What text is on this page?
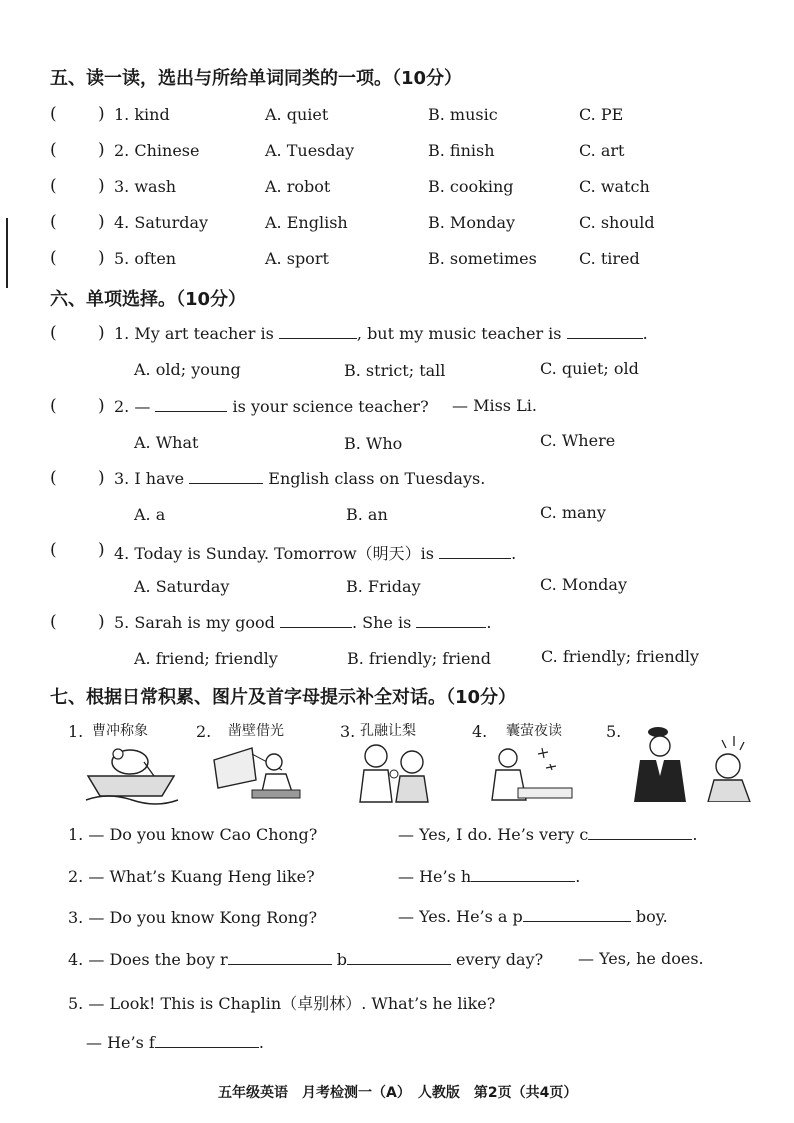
五、读一读，选出与所给单词同类的一项。（10分）
( ) 1. kind	A. quiet	B. music	C. PE
( ) 2. Chinese	A. Tuesday	B. finish	C. art
( ) 3. wash	A. robot	B. cooking	C. watch
( ) 4. Saturday	A. English	B. Monday	C. should
( ) 5. often	A. sport	B. sometimes	C. tired
六、单项选择。（10分）
( ) 1. My art teacher is	, but my music teacher is	.
A. old; young	B. strict; tall	C. quiet; old
( ) 2. —	is your science teacher? — Miss Li.
A. What	B. Who	C. Where
( ) 3. I have	English class on Tuesdays.
A. a	B. an	C. many
( ) 4. Today is Sunday. Tomorrow（明天）is	.
A. Saturday	B. Friday	C. Monday
( ) 5. Sarah is my good	. She is	.
A. friend; friendly	B. friendly; friend	C. friendly; friendly
七、根据日常积累、图片及首字母提示补全对话。（10分）
1. 曹冲称象	2. 凿壁借光	3. 孔融让梨	4. 囊萤夜读	5.
1. — Do you know Cao Chong?	— Yes, I do. He’s very c	.
2. — What’s Kuang Heng like?	— He’s h	.
3. — Do you know Kong Rong?	— Yes. He’s a p	boy.
4. — Does the boy r	b	every day? — Yes, he does.
5. — Look! This is Chaplin（卓别林）. What’s he like?
— He’s f	.
五年级英语　月考检测一（A）　人教版　第2页（共4页）
